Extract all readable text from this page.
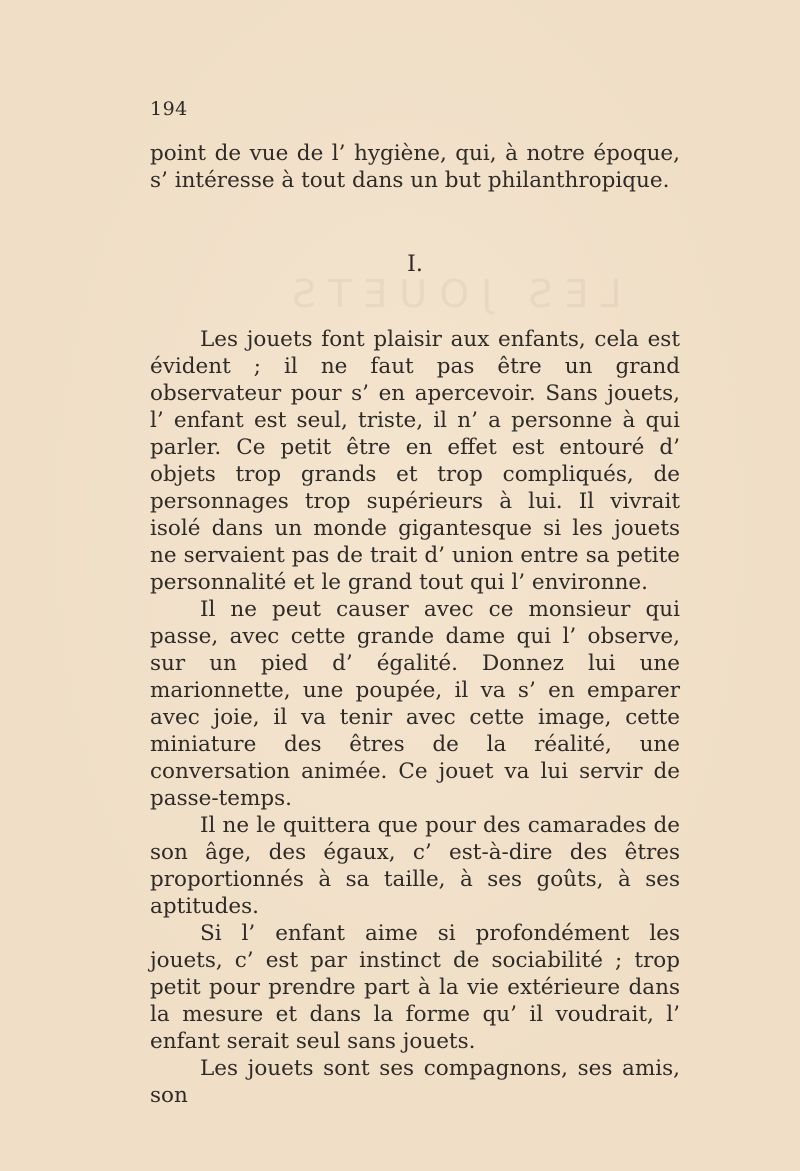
LES JOUETS
194

point de vue de l’ hygiène, qui, à notre époque, s’ intéresse à tout dans un but philanthropique.

I.

Les jouets font plaisir aux enfants, cela est évident ; il ne faut pas être un grand observateur pour s’ en apercevoir. Sans jouets, l’ enfant est seul, triste, il n’ a personne à qui parler. Ce petit être en effet est entouré d’ objets trop grands et trop compliqués, de personnages trop supérieurs à lui. Il vivrait isolé dans un monde gigantesque si les jouets ne servaient pas de trait d’ union entre sa petite personnalité et le grand tout qui l’ environne.

Il ne peut causer avec ce monsieur qui passe, avec cette grande dame qui l’ observe, sur un pied d’ égalité. Donnez lui une marionnette, une poupée, il va s’ en emparer avec joie, il va tenir avec cette image, cette miniature des êtres de la réalité, une conversation animée. Ce jouet va lui servir de passe-temps.

Il ne le quittera que pour des camarades de son âge, des égaux, c’ est-à-dire des êtres proportionnés à sa taille, à ses goûts, à ses aptitudes.

Si l’ enfant aime si profondément les jouets, c’ est par instinct de sociabilité ; trop petit pour prendre part à la vie extérieure dans la mesure et dans la forme qu’ il voudrait, l’ enfant serait seul sans jouets.

Les jouets sont ses compagnons, ses amis, son
